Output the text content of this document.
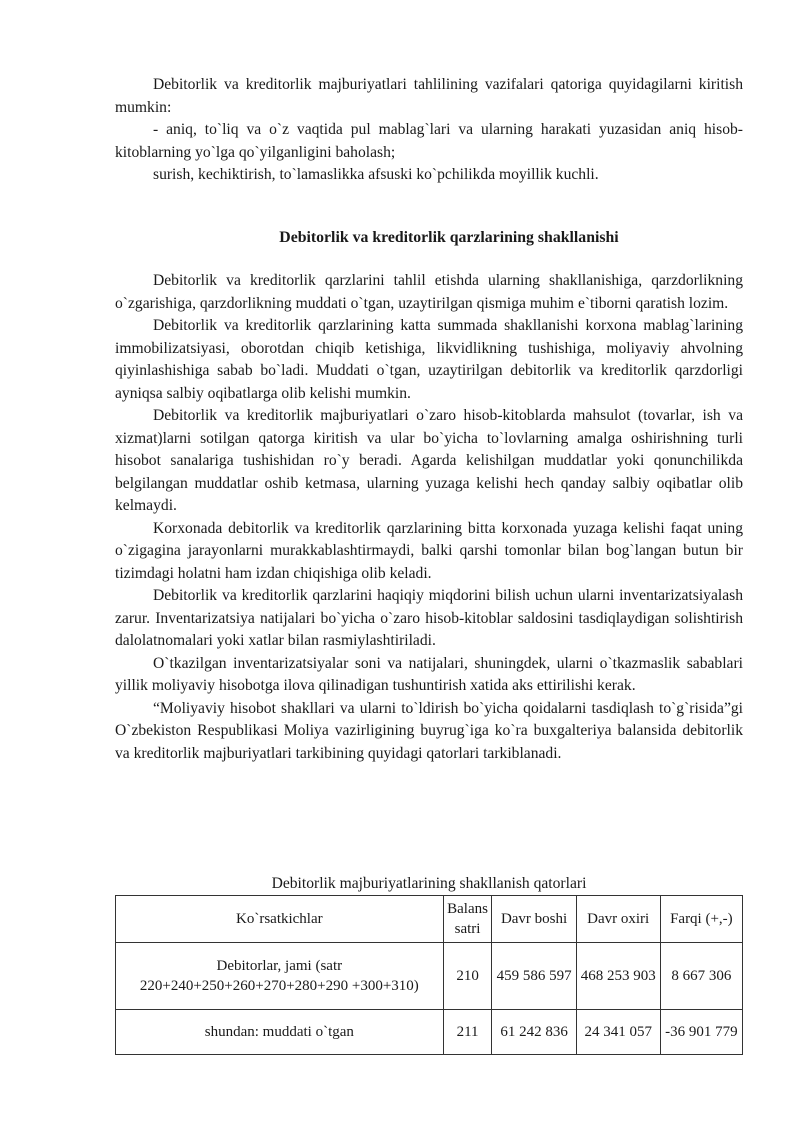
Debitorlik va kreditorlik majburiyatlari tahlilining vazifalari qatoriga quyidagilarni kiritish mumkin:

- aniq, to`liq va o`z vaqtida pul mablag`lari va ularning harakati yuzasidan aniq hisob-kitoblarning yo`lga qo`yilganligini baholash;

surish, kechiktirish, to`lamaslikka afsuski ko`pchilikda moyillik kuchli.

Debitorlik va kreditorlik qarzlarining shakllanishi

Debitorlik va kreditorlik qarzlarini tahlil etishda ularning shakllanishiga, qarzdorlikning o`zgarishiga, qarzdorlikning muddati o`tgan, uzaytirilgan qismiga muhim e`tiborni qaratish lozim.

Debitorlik va kreditorlik qarzlarining katta summada shakllanishi korxona mablag`larining immobilizatsiyasi, oborotdan chiqib ketishiga, likvidlikning tushishiga, moliyaviy ahvolning qiyinlashishiga sabab bo`ladi. Muddati o`tgan, uzaytirilgan debitorlik va kreditorlik qarzdorligi ayniqsa salbiy oqibatlarga olib kelishi mumkin.

Debitorlik va kreditorlik majburiyatlari o`zaro hisob-kitoblarda mahsulot (tovarlar, ish va xizmat)larni sotilgan qatorga kiritish va ular bo`yicha to`lovlarning amalga oshirishning turli hisobot sanalariga tushishidan ro`y beradi. Agarda kelishilgan muddatlar yoki qonunchilikda belgilangan muddatlar oshib ketmasa, ularning yuzaga kelishi hech qanday salbiy oqibatlar olib kelmaydi.

Korxonada debitorlik va kreditorlik qarzlarining bitta korxonada yuzaga kelishi faqat uning o`zigagina jarayonlarni murakkablashtirmaydi, balki qarshi tomonlar bilan bog`langan butun bir tizimdagi holatni ham izdan chiqishiga olib keladi.

Debitorlik va kreditorlik qarzlarini haqiqiy miqdorini bilish uchun ularni inventarizatsiyalash zarur. Inventarizatsiya natijalari bo`yicha o`zaro hisob-kitoblar saldosini tasdiqlaydigan solishtirish dalolatnomalari yoki xatlar bilan rasmiylashtiriladi.

O`tkazilgan inventarizatsiyalar soni va natijalari, shuningdek, ularni o`tkazmaslik sabablari yillik moliyaviy hisobotga ilova qilinadigan tushuntirish xatida aks ettirilishi kerak.

“Moliyaviy hisobot shakllari va ularni to`ldirish bo`yicha qoidalarni tasdiqlash to`g`risida”gi O`zbekiston Respublikasi Moliya vazirligining buyrug`iga ko`ra buxgalteriya balansida debitorlik va kreditorlik majburiyatlari tarkibining quyidagi qatorlari tarkiblanadi.

Debitorlik majburiyatlarining shakllanish qatorlari
Ko`rsatkichlar	Balans satri	Davr boshi	Davr oxiri	Farqi (+,-)
Debitorlar, jami (satr 220+240+250+260+270+280+290 +300+310)	210	459 586 597	468 253 903	8 667 306
shundan: muddati o`tgan	211	61 242 836	24 341 057	-36 901 779
